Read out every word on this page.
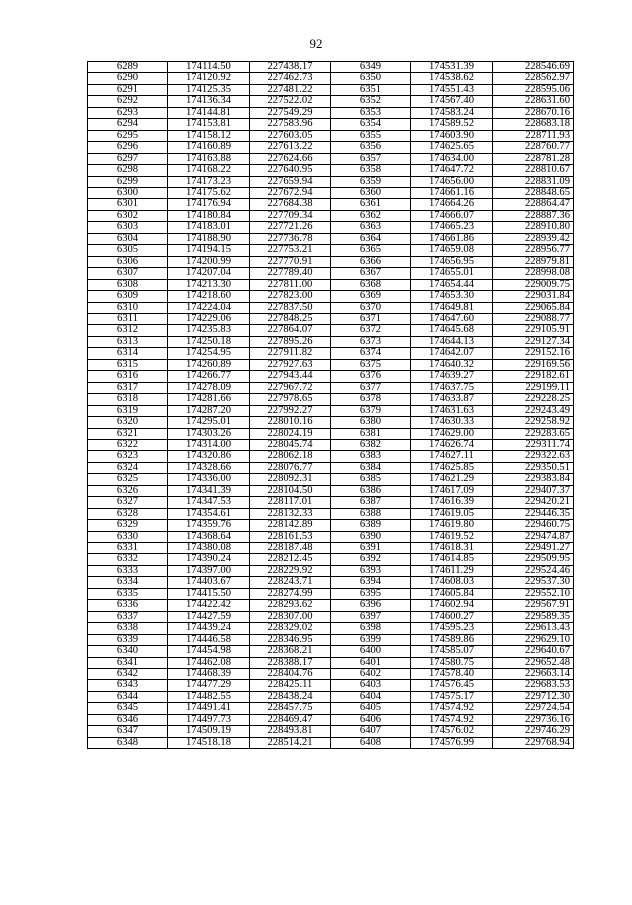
92
6289	174114.50	227438.17	6349	174531.39	228546.69
6290	174120.92	227462.73	6350	174538.62	228562.97
6291	174125.35	227481.22	6351	174551.43	228595.06
6292	174136.34	227522.02	6352	174567.40	228631.60
6293	174144.81	227549.29	6353	174583.24	228670.16
6294	174153.81	227583.96	6354	174589.52	228683.18
6295	174158.12	227603.05	6355	174603.90	228711.93
6296	174160.89	227613.22	6356	174625.65	228760.77
6297	174163.88	227624.66	6357	174634.00	228781.28
6298	174168.22	227640.95	6358	174647.72	228810.67
6299	174173.23	227659.94	6359	174656.00	228831.09
6300	174175.62	227672.94	6360	174661.16	228848.65
6301	174176.94	227684.38	6361	174664.26	228864.47
6302	174180.84	227709.34	6362	174666.07	228887.36
6303	174183.01	227721.26	6363	174665.23	228910.80
6304	174188.90	227736.78	6364	174661.86	228939.42
6305	174194.15	227753.21	6365	174659.08	228956.77
6306	174200.99	227770.91	6366	174656.95	228979.81
6307	174207.04	227789.40	6367	174655.01	228998.08
6308	174213.30	227811.00	6368	174654.44	229009.75
6309	174218.60	227823.00	6369	174653.30	229031.84
6310	174224.04	227837.50	6370	174649.81	229065.84
6311	174229.06	227848.25	6371	174647.60	229088.77
6312	174235.83	227864.07	6372	174645.68	229105.91
6313	174250.18	227895.26	6373	174644.13	229127.34
6314	174254.95	227911.82	6374	174642.07	229152.16
6315	174260.89	227927.63	6375	174640.32	229169.56
6316	174266.77	227943.44	6376	174639.27	229182.61
6317	174278.09	227967.72	6377	174637.75	229199.11
6318	174281.66	227978.65	6378	174633.87	229228.25
6319	174287.20	227992.27	6379	174631.63	229243.49
6320	174295.01	228010.16	6380	174630.33	229258.92
6321	174303.26	228024.19	6381	174629.00	229283.65
6322	174314.00	228045.74	6382	174626.74	229311.74
6323	174320.86	228062.18	6383	174627.11	229322.63
6324	174328.66	228076.77	6384	174625.85	229350.51
6325	174336.00	228092.31	6385	174621.29	229383.84
6326	174341.39	228104.50	6386	174617.09	229407.37
6327	174347.53	228117.01	6387	174616.39	229420.21
6328	174354.61	228132.33	6388	174619.05	229446.35
6329	174359.76	228142.89	6389	174619.80	229460.75
6330	174368.64	228161.53	6390	174619.52	229474.87
6331	174380.08	228187.48	6391	174618.31	229491.27
6332	174390.24	228212.45	6392	174614.85	229509.95
6333	174397.00	228229.92	6393	174611.29	229524.46
6334	174403.67	228243.71	6394	174608.03	229537.30
6335	174415.50	228274.99	6395	174605.84	229552.10
6336	174422.42	228293.62	6396	174602.94	229567.91
6337	174427.59	228307.00	6397	174600.27	229589.35
6338	174439.24	228329.02	6398	174595.23	229613.43
6339	174446.58	228346.95	6399	174589.86	229629.10
6340	174454.98	228368.21	6400	174585.07	229640.67
6341	174462.08	228388.17	6401	174580.75	229652.48
6342	174468.39	228404.76	6402	174578.40	229663.14
6343	174477.29	228425.11	6403	174576.45	229683.53
6344	174482.55	228438.24	6404	174575.17	229712.30
6345	174491.41	228457.75	6405	174574.92	229724.54
6346	174497.73	228469.47	6406	174574.92	229736.16
6347	174509.19	228493.81	6407	174576.02	229746.29
6348	174518.18	228514.21	6408	174576.99	229768.94
